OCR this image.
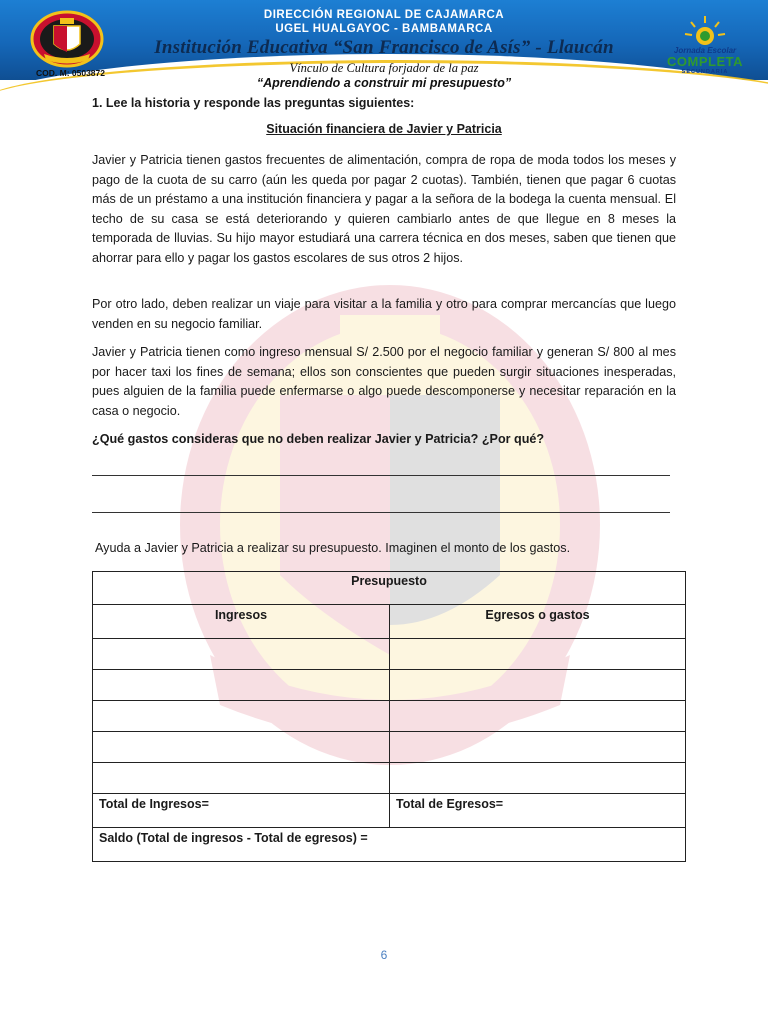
DIRECCIÓN REGIONAL DE CAJAMARCA
UGEL HUALGAYOC - BAMBAMARCA
Institución Educativa “San Francisco de Asís” - Llaucán
Vínculo de Cultura forjador de la paz
COD. M: 0503872
Jornada Escolar
COMPLETA
SECUNDARIA
“Aprendiendo a construir mi presupuesto”
1. Lee la historia y responde las preguntas siguientes:
Situación financiera de Javier y Patricia
Javier y Patricia tienen gastos frecuentes de alimentación, compra de ropa de moda todos los meses y pago de la cuota de su carro (aún les queda por pagar 2 cuotas). También, tienen que pagar 6 cuotas más de un préstamo a una institución financiera y pagar a la señora de la bodega la cuenta mensual. El techo de su casa se está deteriorando y quieren cambiarlo antes de que llegue en 8 meses la temporada de lluvias. Su hijo mayor estudiará una carrera técnica en dos meses, saben que tienen que ahorrar para ello y pagar los gastos escolares de sus otros 2 hijos.
Por otro lado, deben realizar un viaje para visitar a la familia y otro para comprar mercancías que luego venden en su negocio familiar.
Javier y Patricia tienen como ingreso mensual S/ 2.500 por el negocio familiar y generan S/ 800 al mes por hacer taxi los fines de semana; ellos son conscientes que pueden surgir situaciones inesperadas, pues alguien de la familia puede enfermarse o algo puede descomponerse y necesitar reparación en la casa o negocio.
¿Qué gastos consideras que no deben realizar Javier y Patricia? ¿Por qué?
Ayuda a Javier y Patricia a realizar su presupuesto. Imaginen el monto de los gastos.
Presupuesto	
Ingresos	Egresos o gastos

Total de Ingresos=	Total de Egresos=
Saldo (Total de ingresos - Total de egresos) =	
6
